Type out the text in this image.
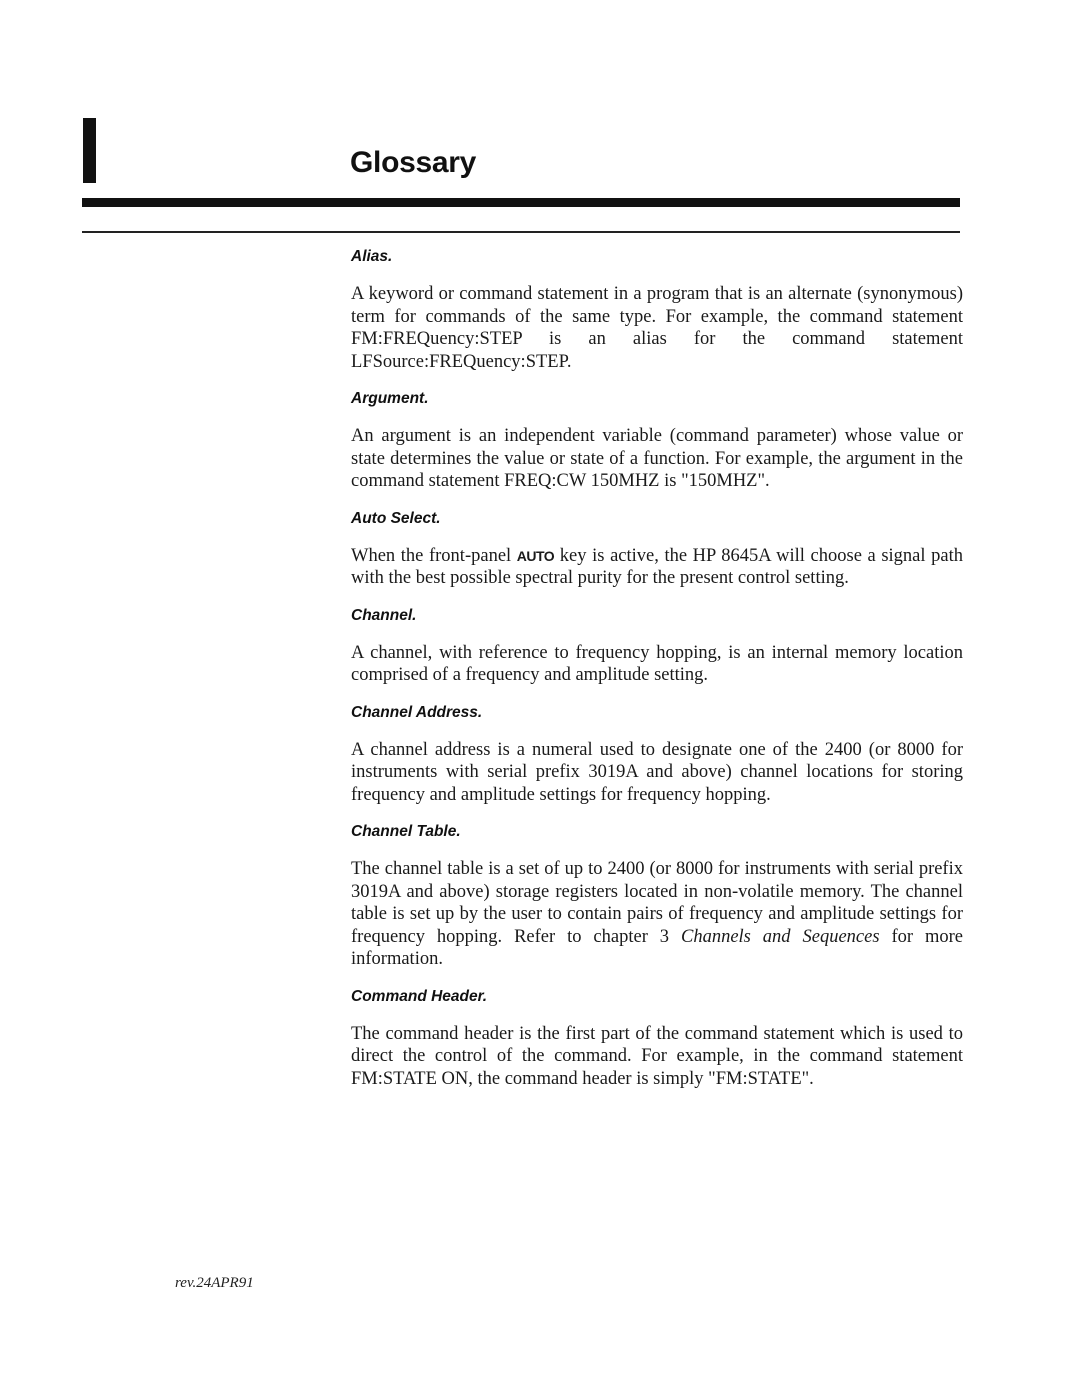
Glossary

Alias.

A keyword or command statement in a program that is an alternate (synonymous) term for commands of the same type. For example, the command statement FM:FREQuency:STEP is an alias for the command statement LFSource:FREQuency:STEP.

Argument.

An argument is an independent variable (command parameter) whose value or state determines the value or state of a function. For example, the argument in the command statement FREQ:CW 150MHZ is "150MHZ".

Auto Select.

When the front-panel AUTO key is active, the HP 8645A will choose a signal path with the best possible spectral purity for the present control setting.

Channel.

A channel, with reference to frequency hopping, is an internal memory location comprised of a frequency and amplitude setting.

Channel Address.

A channel address is a numeral used to designate one of the 2400 (or 8000 for instruments with serial prefix 3019A and above) channel locations for storing frequency and amplitude settings for frequency hopping.

Channel Table.

The channel table is a set of up to 2400 (or 8000 for instruments with serial prefix 3019A and above) storage registers located in non-volatile memory. The channel table is set up by the user to contain pairs of frequency and amplitude settings for frequency hopping. Refer to chapter 3 Channels and Sequences for more information.

Command Header.

The command header is the first part of the command statement which is used to direct the control of the command. For example, in the command statement FM:STATE ON, the command header is simply "FM:STATE".

rev.24APR91
